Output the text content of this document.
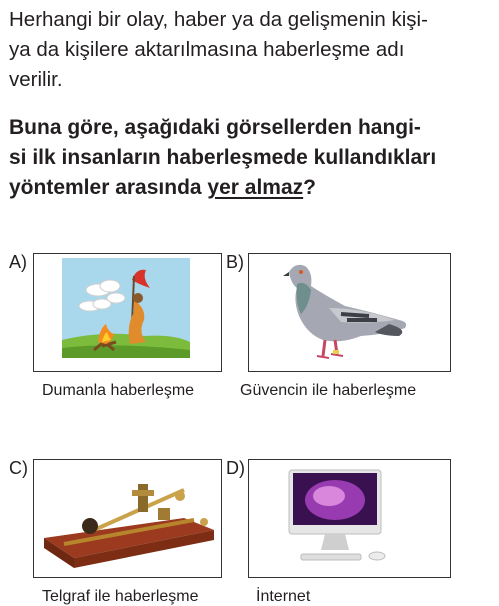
Herhangi bir olay, haber ya da gelişmenin kişi-
ya da kişilere aktarılmasına haberleşme adı
verilir.
Buna göre, aşağıdaki görsellerden hangi-
si ilk insanların haberleşmede kullandıkları
yöntemler arasında yer almaz?
A)
Dumanla haberleşme
B)
Güvencin ile haberleşme
C)
Telgraf ile haberleşme
D)
İnternet
